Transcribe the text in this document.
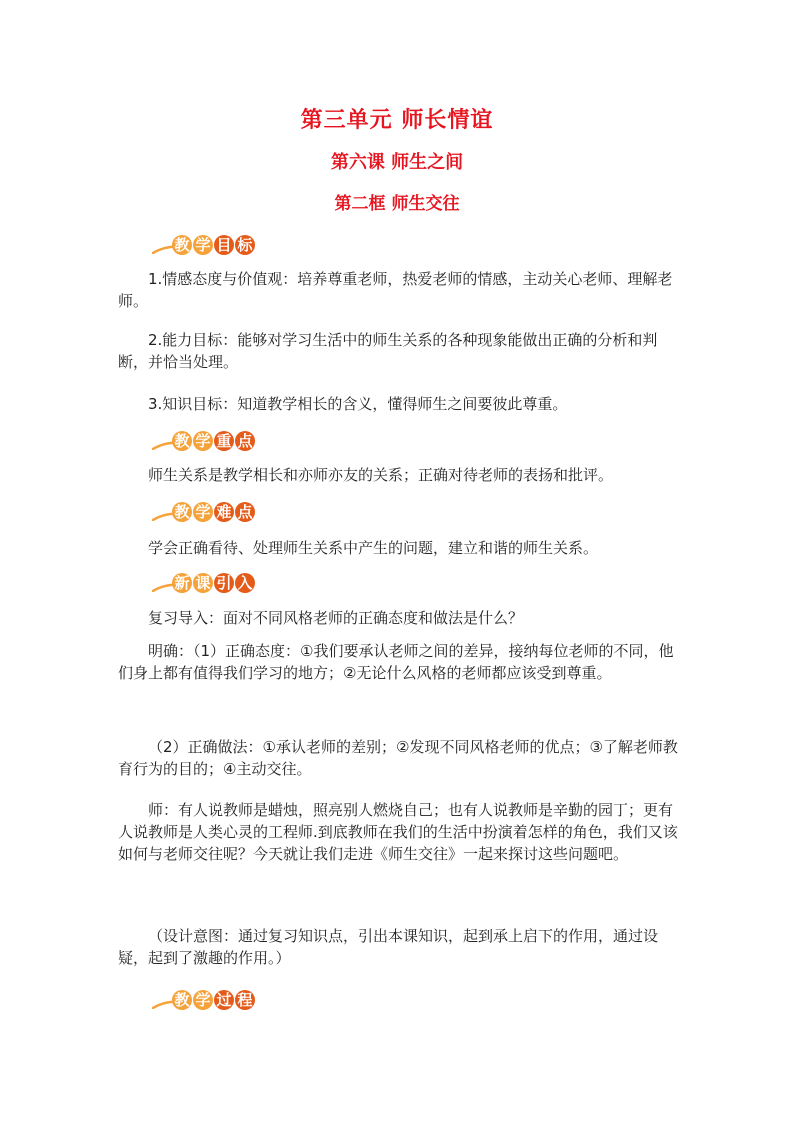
第三单元 师长情谊
第六课 师生之间
第二框 师生交往
教 学 目 标
1.情感态度与价值观：培养尊重老师，热爱老师的情感，主动关心老师、理解老师。
2.能力目标：能够对学习生活中的师生关系的各种现象能做出正确的分析和判断，并恰当处理。
3.知识目标：知道教学相长的含义，懂得师生之间要彼此尊重。
教 学 重 点
师生关系是教学相长和亦师亦友的关系；正确对待老师的表扬和批评。
教 学 难 点
学会正确看待、处理师生关系中产生的问题，建立和谐的师生关系。
新 课 引 入
复习导入：面对不同风格老师的正确态度和做法是什么？
明确：（1）正确态度：①我们要承认老师之间的差异，接纳每位老师的不同，他们身上都有值得我们学习的地方；②无论什么风格的老师都应该受到尊重。
（2）正确做法：①承认老师的差别；②发现不同风格老师的优点；③了解老师教育行为的目的；④主动交往。
师：有人说教师是蜡烛，照亮别人燃烧自己；也有人说教师是辛勤的园丁；更有人说教师是人类心灵的工程师.到底教师在我们的生活中扮演着怎样的角色，我们又该如何与老师交往呢？今天就让我们走进《师生交往》一起来探讨这些问题吧。
（设计意图：通过复习知识点，引出本课知识，起到承上启下的作用，通过设疑，起到了激趣的作用。）
教 学 过 程
